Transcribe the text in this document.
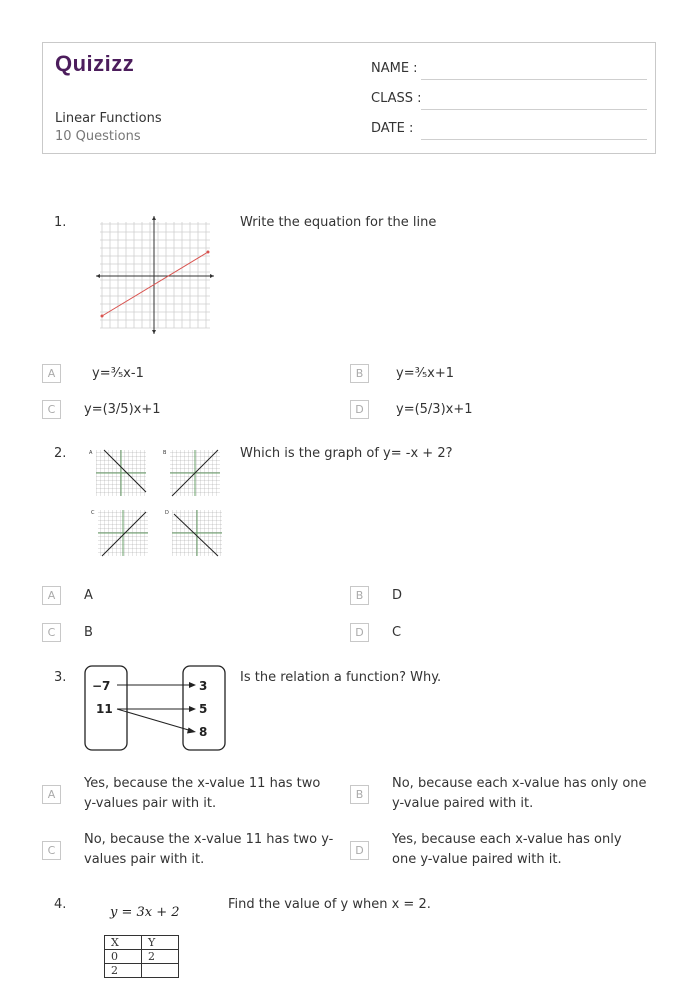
Quizizz
Linear Functions
10 Questions
NAME :
CLASS :
DATE :
1.	Write the equation for the line
A	y=³⁄₅x-1	B	y=³⁄₅x+1
C	y=(3/5)x+1	D	y=(5/3)x+1
2.	A	B
C	D
Which is the graph of y= -x + 2?
A	A	B	D
C	B	D	C
3.
−7
11
3
5
8
Is the relation a function? Why.
A
Yes, because the x-value 11 has two y-values pair with it.
B
No, because each x-value has only one y-value paired with it.
C
No, because the x-value 11 has two y-values pair with it.
D
Yes, because each x-value has only one y-value paired with it.
4.
y = 3x + 2
Find the value of y when x = 2.
X	Y
0	2
2	
